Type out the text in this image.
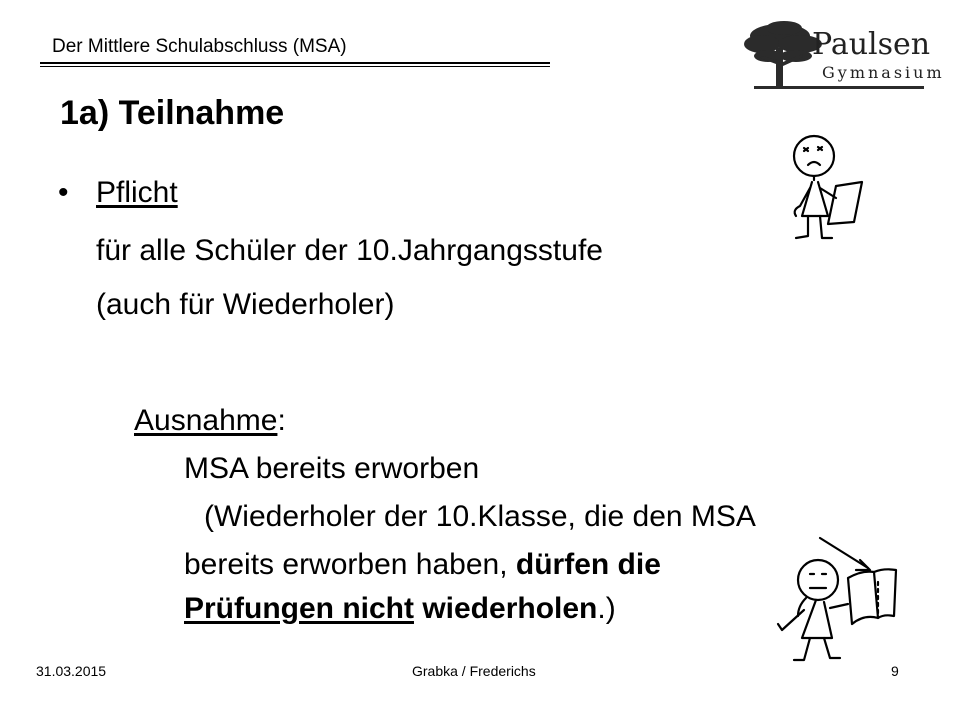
Der Mittlere Schulabschluss (MSA)	Paulsen
Gymnasium
1a) Teilnahme
• Pflicht
für alle Schüler der 10.Jahrgangsstufe
(auch für Wiederholer)
Ausnahme:
MSA bereits erworben
(Wiederholer der 10.Klasse, die den MSA
bereits erworben haben, dürfen die
Prüfungen nicht wiederholen.)
31.03.2015	Grabka / Frederichs	9
